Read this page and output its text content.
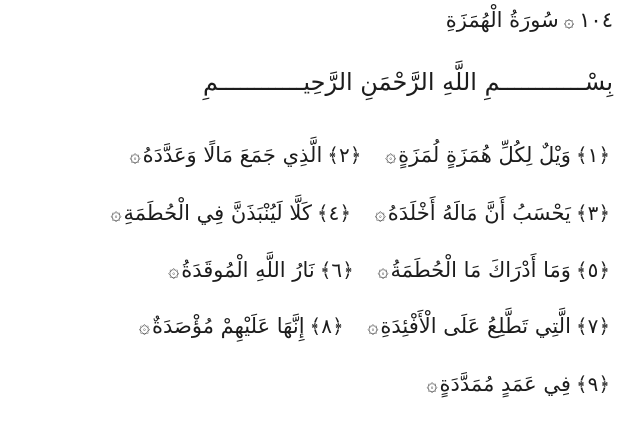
١٠٤۞سُورَةُ الْهُمَزَةِ
بِسْــــــــــــمِ اللَّهِ الرَّحْمَنِ الرَّحِيــــــــــــمِ
﴿١﴾وَيْلٌ لِكُلِّ هُمَزَةٍ لُمَزَةٍ۞ ﴿٢﴾الَّذِي جَمَعَ مَالًا وَعَدَّدَهُ۞
﴿٣﴾يَحْسَبُ أَنَّ مَالَهُ أَخْلَدَهُ۞ ﴿٤﴾كَلَّا لَيُنْبَذَنَّ فِي الْحُطَمَةِ۞
﴿٥﴾وَمَا أَدْرَاكَ مَا الْحُطَمَةُ۞ ﴿٦﴾نَارُ اللَّهِ الْمُوقَدَةُ۞
﴿٧﴾الَّتِي تَطَّلِعُ عَلَى الْأَفْئِدَةِ۞ ﴿٨﴾إِنَّهَا عَلَيْهِمْ مُؤْصَدَةٌ۞
﴿٩﴾فِي عَمَدٍ مُمَدَّدَةٍ۞
